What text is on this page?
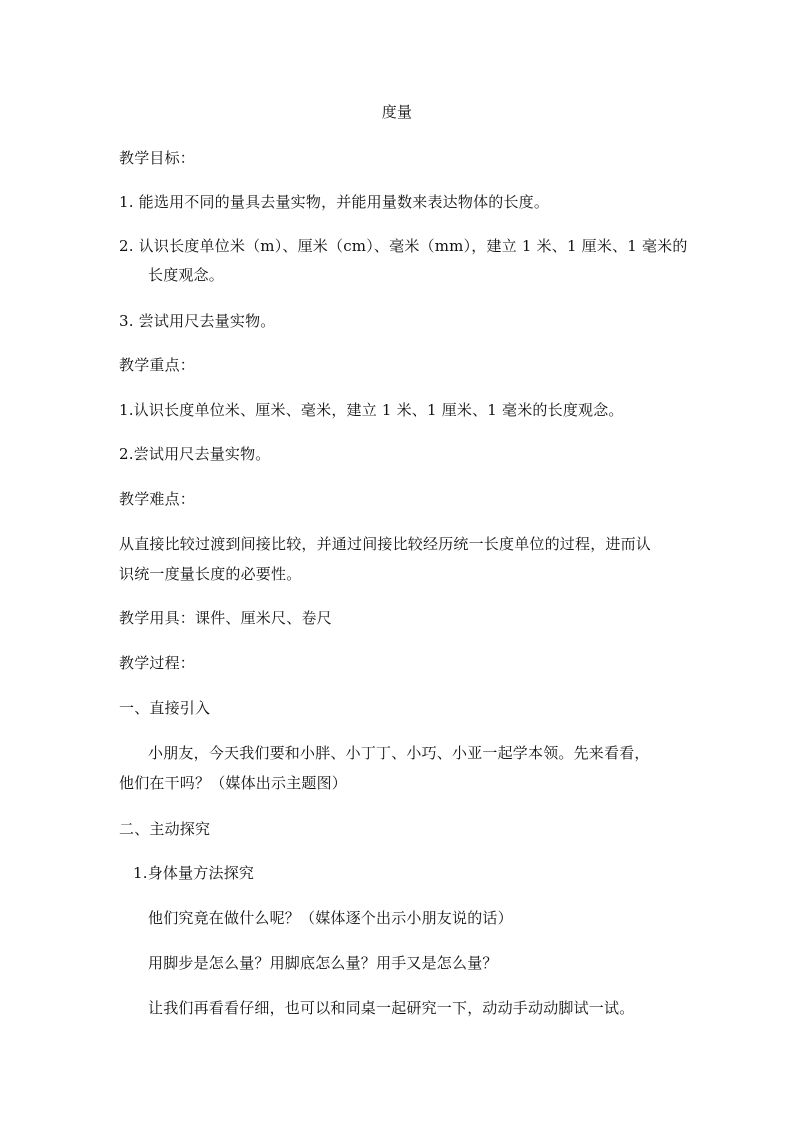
度量
教学目标：
1. 能选用不同的量具去量实物，并能用量数来表达物体的长度。
2. 认识长度单位米（m）、厘米（cm）、毫米（mm），建立 1 米、1 厘米、1 毫米的
长度观念。
3. 尝试用尺去量实物。
教学重点：
1.认识长度单位米、厘米、毫米，建立 1 米、1 厘米、1 毫米的长度观念。
2.尝试用尺去量实物。
教学难点：
从直接比较过渡到间接比较，并通过间接比较经历统一长度单位的过程，进而认
识统一度量长度的必要性。
教学用具：课件、厘米尺、卷尺
教学过程：
一、直接引入
小朋友，今天我们要和小胖、小丁丁、小巧、小亚一起学本领。先来看看，
他们在干吗？（媒体出示主题图）
二、主动探究
1.身体量方法探究
他们究竟在做什么呢？（媒体逐个出示小朋友说的话）
用脚步是怎么量？用脚底怎么量？用手又是怎么量？
让我们再看看仔细，也可以和同桌一起研究一下，动动手动动脚试一试。
